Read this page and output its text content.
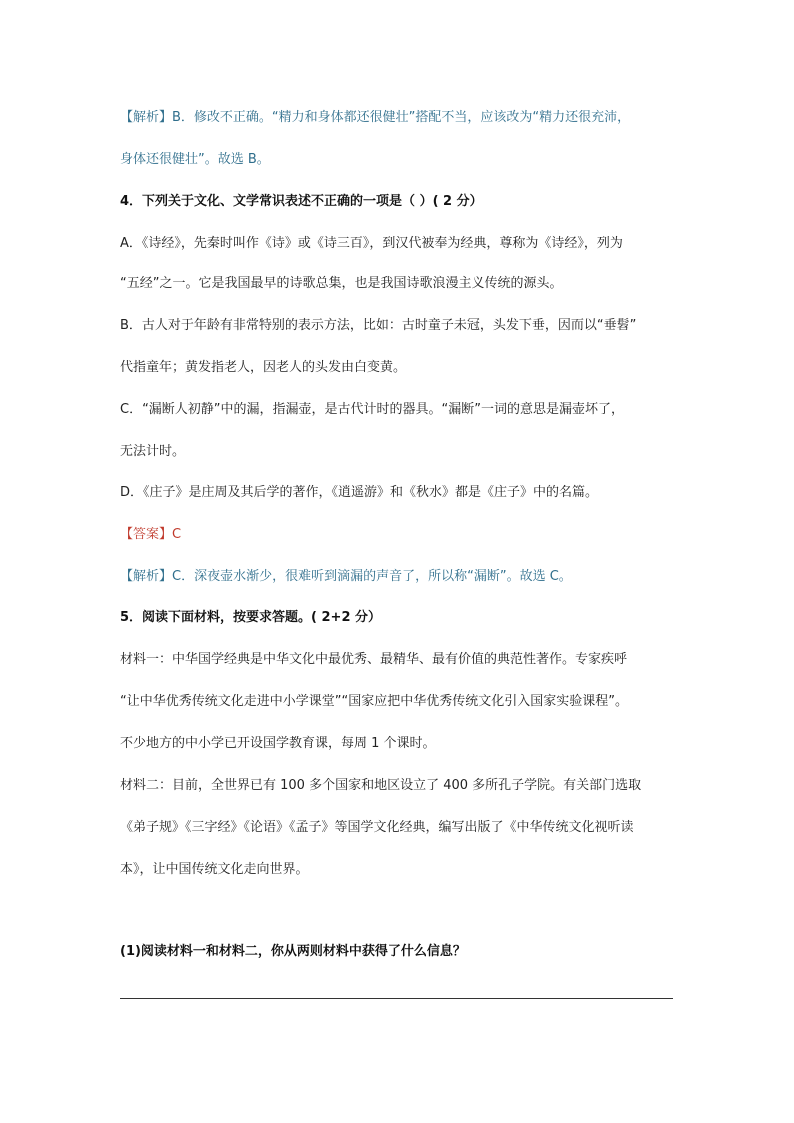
【解析】B．修改不正确。“精力和身体都还很健壮”搭配不当，应该改为“精力还很充沛，
身体还很健壮”。故选 B。
4．下列关于文化、文学常识表述不正确的一项是（ ）( 2 分）
A．《诗经》，先秦时叫作《诗》或《诗三百》，到汉代被奉为经典，尊称为《诗经》，列为
“五经”之一。它是我国最早的诗歌总集，也是我国诗歌浪漫主义传统的源头。
B．古人对于年龄有非常特别的表示方法，比如：古时童子未冠，头发下垂，因而以“垂髫”
代指童年；黄发指老人，因老人的头发由白变黄。
C．“漏断人初静”中的漏，指漏壶，是古代计时的器具。“漏断”一词的意思是漏壶坏了，
无法计时。
D．《庄子》是庄周及其后学的著作，《逍遥游》和《秋水》都是《庄子》中的名篇。
【答案】C
【解析】C．深夜壶水渐少，很难听到滴漏的声音了，所以称“漏断”。故选 C。
5．阅读下面材料，按要求答题。( 2+2 分）
材料一：中华国学经典是中华文化中最优秀、最精华、最有价值的典范性著作。专家疾呼
“让中华优秀传统文化走进中小学课堂”“国家应把中华优秀传统文化引入国家实验课程”。
不少地方的中小学已开设国学教育课，每周 1 个课时。
材料二：目前，全世界已有 100 多个国家和地区设立了 400 多所孔子学院。有关部门选取
《弟子规》《三字经》《论语》《孟子》等国学文化经典，编写出版了《中华传统文化视听读
本》，让中国传统文化走向世界。
(1)阅读材料一和材料二，你从两则材料中获得了什么信息？
